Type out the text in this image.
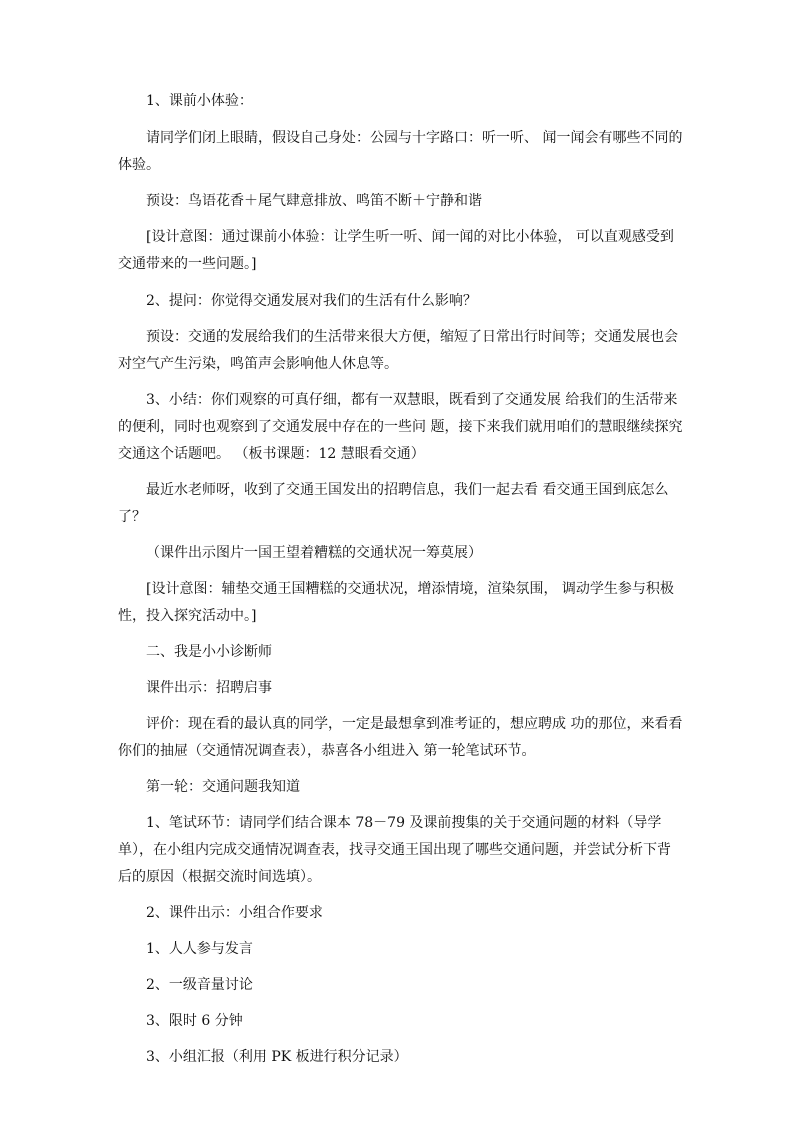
1、课前小体验：

请同学们闭上眼睛，假设自己身处：公园与十字路口：听一听、 闻一闻会有哪些不同的体验。

预设：鸟语花香＋尾气肆意排放、鸣笛不断＋宁静和谐

[设计意图：通过课前小体验：让学生听一听、闻一闻的对比小体验， 可以直观感受到交通带来的一些问题。]

2、提问：你觉得交通发展对我们的生活有什么影响？

预设：交通的发展给我们的生活带来很大方便，缩短了日常出行时间等；交通发展也会对空气产生污染，鸣笛声会影响他人休息等。

3、小结：你们观察的可真仔细，都有一双慧眼，既看到了交通发展 给我们的生活带来的便利，同时也观察到了交通发展中存在的一些问 题，接下来我们就用咱们的慧眼继续探究交通这个话题吧。 （板书课题：12 慧眼看交通）

最近水老师呀，收到了交通王国发出的招聘信息，我们一起去看 看交通王国到底怎么了？

（课件出示图片一国王望着糟糕的交通状况一筹莫展）

[设计意图：辅垫交通王国糟糕的交通状况，增添情境，渲染氛围， 调动学生参与积极性，投入探究活动中。]

二、我是小小诊断师

课件出示：招聘启事

评价：现在看的最认真的同学，一定是最想拿到准考证的，想应聘成 功的那位，来看看你们的抽屉（交通情况调查表），恭喜各小组进入 第一轮笔试环节。

第一轮：交通问题我知道

1、笔试环节：请同学们结合课本 78－79 及课前搜集的关于交通问题的材料（导学单），在小组内完成交通情况调查表，找寻交通王国出现了哪些交通问题，并尝试分析下背后的原因（根据交流时间选填）。

2、课件出示：小组合作要求

1、人人参与发言

2、一级音量讨论

3、限时 6 分钟

3、小组汇报（利用 PK 板进行积分记录）
